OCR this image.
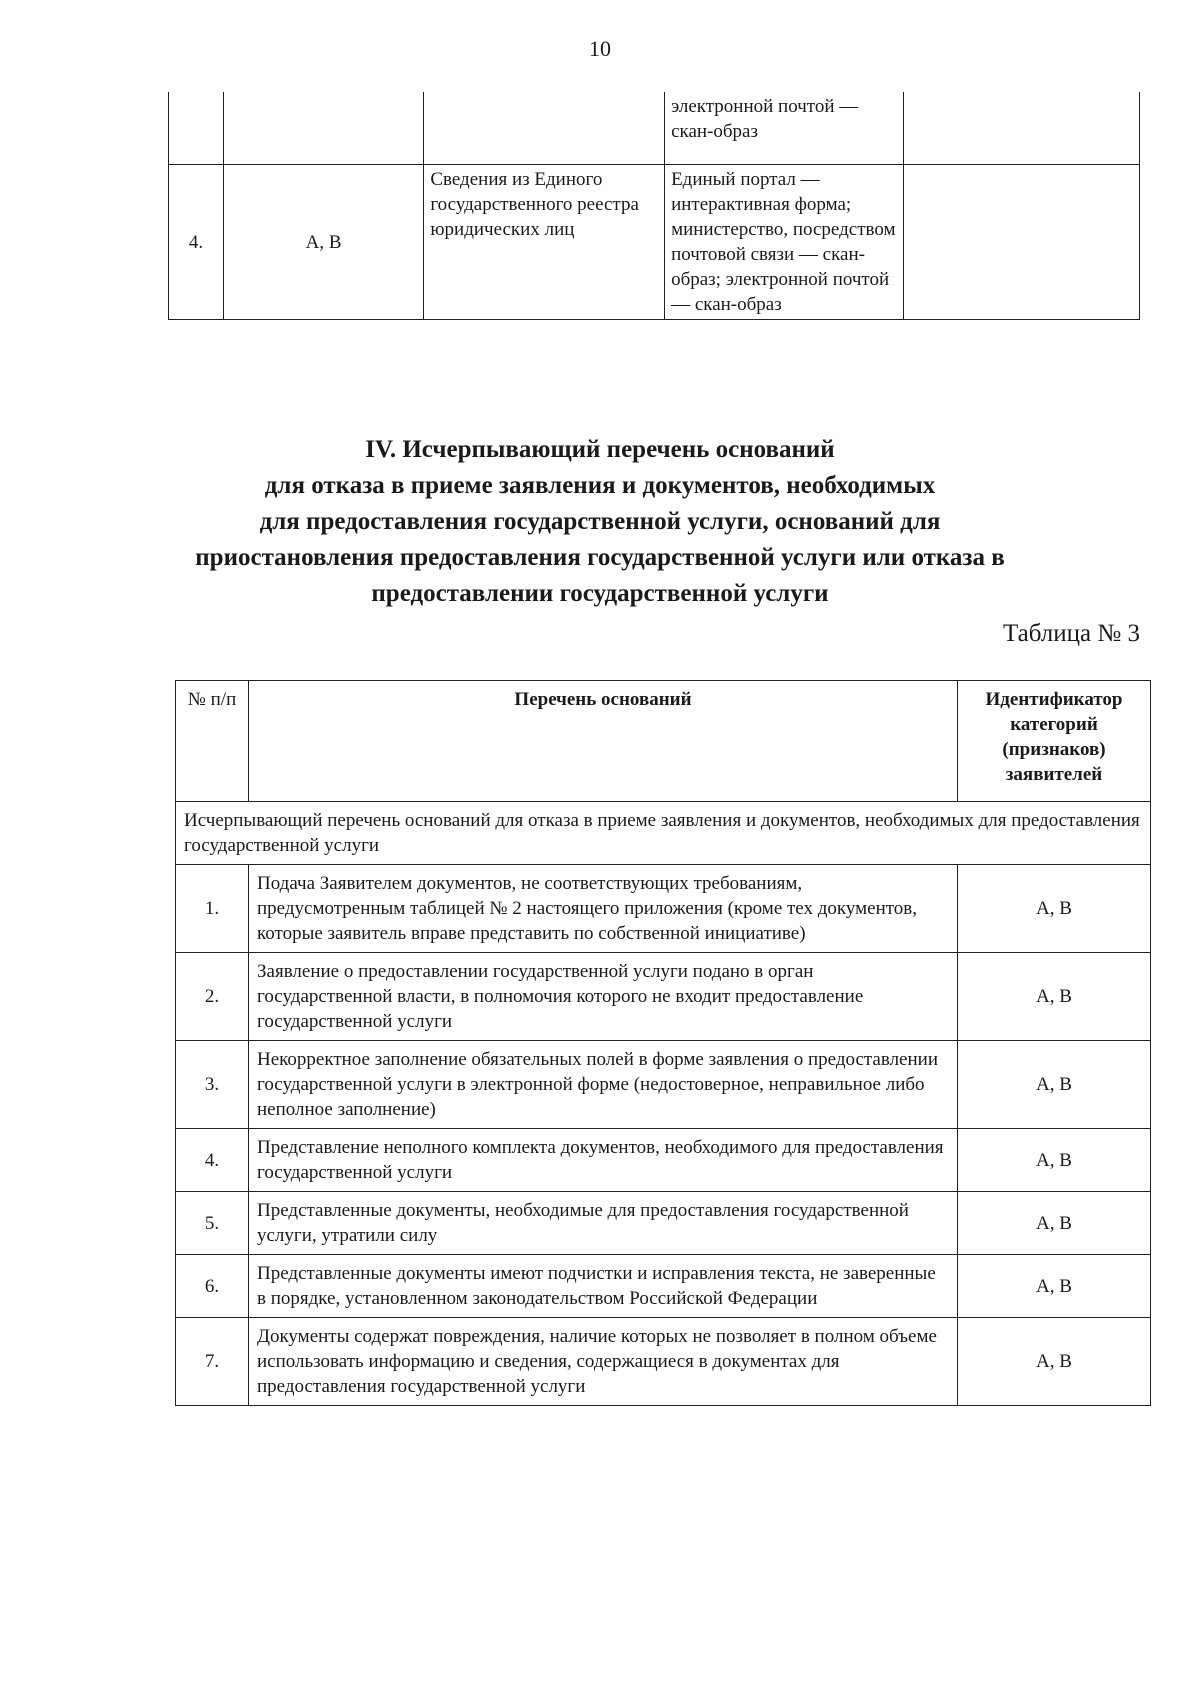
10
			электронной почтой — скан-образ	
4.	А, В	Сведения из Единого государственного реестра юридических лиц	Единый портал — интерактивная форма; министерство, посредством почтовой связи — скан-образ; электронной почтой — скан-образ	
IV. Исчерпывающий перечень оснований
для отказа в приеме заявления и документов, необходимых
для предоставления государственной услуги, оснований для
приостановления предоставления государственной услуги или отказа в
предоставлении государственной услуги
Таблица № 3
№ п/п	Перечень оснований	Идентификатор категорий (признаков) заявителей
Исчерпывающий перечень оснований для отказа в приеме заявления и документов, необходимых для предоставления государственной услуги		
1.	Подача Заявителем документов, не соответствующих требованиям, предусмотренным таблицей № 2 настоящего приложения (кроме тех документов, которые заявитель вправе представить по собственной инициативе)	А, В
2.	Заявление о предоставлении государственной услуги подано в орган государственной власти, в полномочия которого не входит предоставление государственной услуги	А, В
3.	Некорректное заполнение обязательных полей в форме заявления о предоставлении государственной услуги в электронной форме (недостоверное, неправильное либо неполное заполнение)	А, В
4.	Представление неполного комплекта документов, необходимого для предоставления государственной услуги	А, В
5.	Представленные документы, необходимые для предоставления государственной услуги, утратили силу	А, В
6.	Представленные документы имеют подчистки и исправления текста, не заверенные в порядке, установленном законодательством Российской Федерации	А, В
7.	Документы содержат повреждения, наличие которых не позволяет в полном объеме использовать информацию и сведения, содержащиеся в документах для предоставления государственной услуги	А, В
